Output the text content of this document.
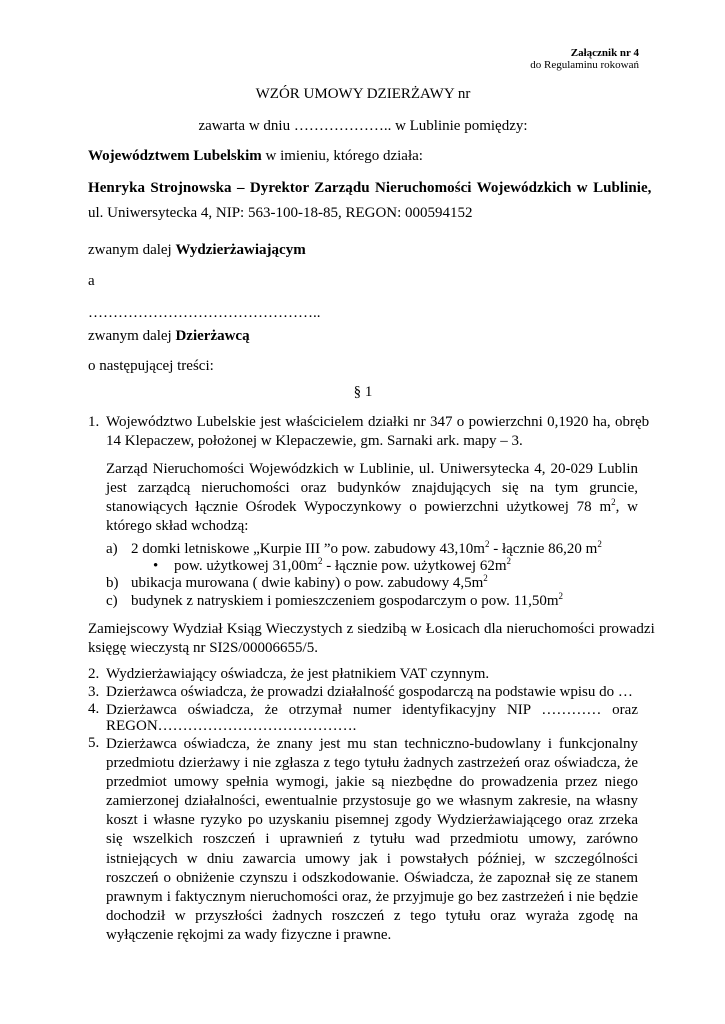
Załącznik nr 4
do Regulaminu rokowań
WZÓR UMOWY DZIERŻAWY nr
zawarta w dniu ……………….. w Lublinie pomiędzy:
Województwem Lubelskim w imieniu, którego działa:
Henryka Strojnowska – Dyrektor Zarządu Nieruchomości Wojewódzkich w Lublinie,
ul. Uniwersytecka 4, NIP: 563-100-18-85, REGON: 000594152
zwanym dalej Wydzierżawiającym
a
………………………………………..
zwanym dalej Dzierżawcą
o następującej treści:
§ 1
1. Województwo Lubelskie jest właścicielem działki nr 347 o powierzchni 0,1920 ha, obręb
14 Klepaczew, położonej w Klepaczewie, gm. Sarnaki ark. mapy – 3.
Zarząd Nieruchomości Wojewódzkich w Lublinie, ul. Uniwersytecka 4, 20-029 Lublin jest zarządcą nieruchomości oraz budynków znajdujących się na tym gruncie, stanowiących łącznie Ośrodek Wypoczynkowy o powierzchni użytkowej 78 $m^2$, w którego skład wchodzą:
a) 2 domki letniskowe „Kurpie III ”o pow. zabudowy $43,10m^2$ - łącznie 86,20 $m^2$
• pow. użytkowej $31,00m^2$ - łącznie pow. użytkowej $62m^2$
b) ubikacja murowana ( dwie kabiny) o pow. zabudowy $4,5m^2$
c) budynek z natryskiem i pomieszczeniem gospodarczym o pow. $11,50m^2$
Zamiejscowy Wydział Ksiąg Wieczystych z siedzibą w Łosicach dla nieruchomości prowadzi
księgę wieczystą nr SI2S/00006655/5.
2. Wydzierżawiający oświadcza, że jest płatnikiem VAT czynnym.
3. Dzierżawca oświadcza, że prowadzi działalność gospodarczą na podstawie wpisu do …
4. Dzierżawca oświadcza, że otrzymał numer identyfikacyjny NIP ………… oraz
REGON………………………………….
5. Dzierżawca oświadcza, że znany jest mu stan techniczno-budowlany i funkcjonalny przedmiotu dzierżawy i nie zgłasza z tego tytułu żadnych zastrzeżeń oraz oświadcza, że przedmiot umowy spełnia wymogi, jakie są niezbędne do prowadzenia przez niego zamierzonej działalności, ewentualnie przystosuje go we własnym zakresie, na własny koszt i własne ryzyko po uzyskaniu pisemnej zgody Wydzierżawiającego oraz zrzeka się wszelkich roszczeń i uprawnień z tytułu wad przedmiotu umowy, zarówno istniejących w dniu zawarcia umowy jak i powstałych później, w szczególności roszczeń o obniżenie czynszu i odszkodowanie. Oświadcza, że zapoznał się ze stanem prawnym i faktycznym nieruchomości oraz, że przyjmuje go bez zastrzeżeń i nie będzie dochodził w przyszłości żadnych roszczeń z tego tytułu oraz wyraża zgodę na wyłączenie rękojmi za wady fizyczne i prawne.
